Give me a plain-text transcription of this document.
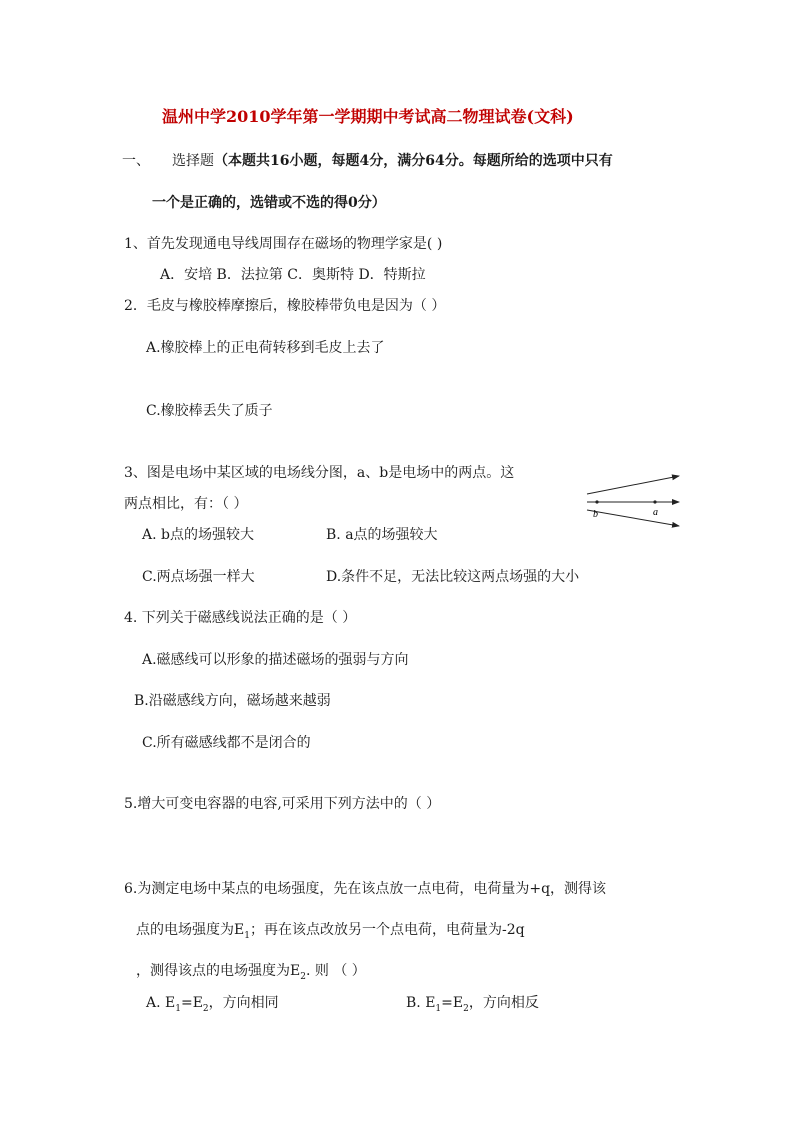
温州中学2010学年第一学期期中考试高二物理试卷(文科)
一、 选择题（本题共16小题，每题4分，满分64分。每题所给的选项中只有
一个是正确的，选错或不选的得0分）
1、首先发现通电导线周围存在磁场的物理学家是( )
A．安培 B．法拉第 C．奥斯特 D．特斯拉
2．毛皮与橡胶棒摩擦后，橡胶棒带负电是因为（ ）
A.橡胶棒上的正电荷转移到毛皮上去了
C.橡胶棒丢失了质子
3、图是电场中某区域的电场线分图，a、b是电场中的两点。这
两点相比，有：（ ）
A. b点的场强较大	B. a点的场强较大
C.两点场强一样大	D.条件不足，无法比较这两点场强的大小
b	a
4. 下列关于磁感线说法正确的是（ ）
A.磁感线可以形象的描述磁场的强弱与方向
B.沿磁感线方向，磁场越来越弱
C.所有磁感线都不是闭合的
5.增大可变电容器的电容,可采用下列方法中的（ ）
6.为测定电场中某点的电场强度，先在该点放一点电荷，电荷量为+q，测得该
点的电场强度为$E_1$；再在该点改放另一个点电荷，电荷量为-2q
，测得该点的电场强度为$E_2$. 则 （ ）
A. $E_1=E_2$，方向相同	B. $E_1=E_2$，方向相反
